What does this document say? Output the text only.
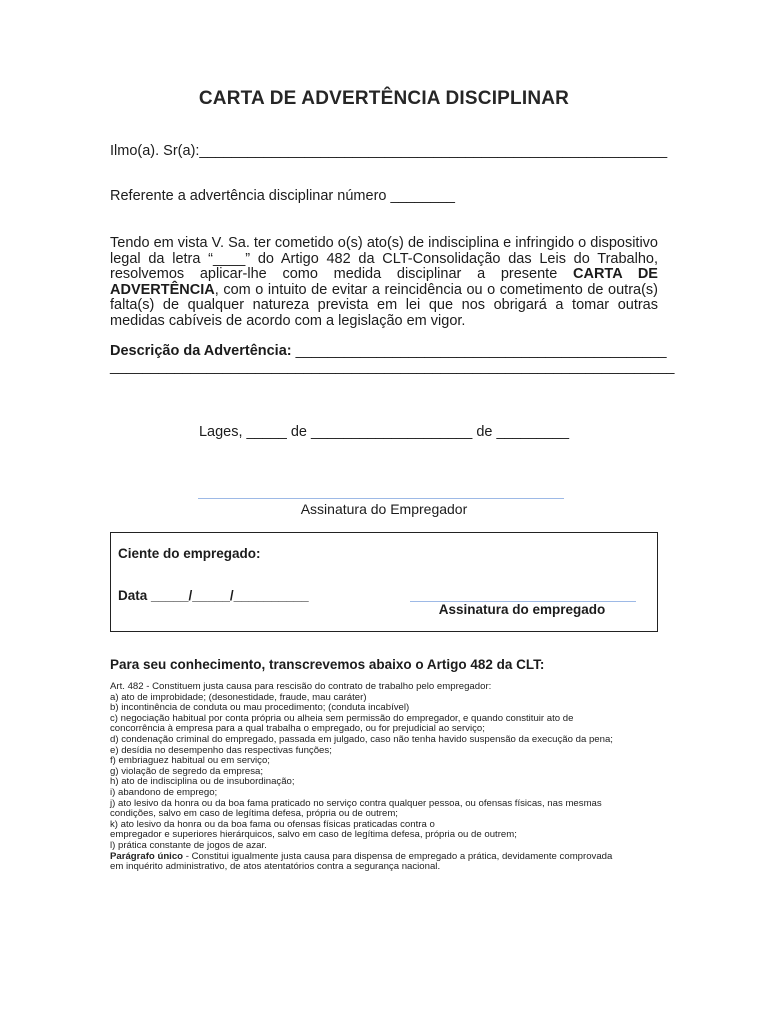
CARTA DE ADVERTÊNCIA DISCIPLINAR
Ilmo(a). Sr(a):__________________________________________________________
Referente a advertência disciplinar número ________
Tendo em vista V. Sa. ter cometido o(s) ato(s) de indisciplina e infringido o dispositivo legal da letra “____” do Artigo 482 da CLT-Consolidação das Leis do Trabalho, resolvemos aplicar-lhe como medida disciplinar a presente CARTA DE ADVERTÊNCIA, com o intuito de evitar a reincidência ou o cometimento de outra(s) falta(s) de qualquer natureza prevista em lei que nos obrigará a tomar outras medidas cabíveis de acordo com a legislação em vigor.
Descrição da Advertência: ______________________________________________
______________________________________________________________________
Lages, _____ de ____________________ de _________
Assinatura do Empregador
Ciente do empregado:
Data _____/_____/__________
Assinatura do empregado
Para seu conhecimento, transcrevemos abaixo o Artigo 482 da CLT:
Art. 482 - Constituem justa causa para rescisão do contrato de trabalho pelo empregador:
a) ato de improbidade; (desonestidade, fraude, mau caráter)
b) incontinência de conduta ou mau procedimento; (conduta incabível)
c) negociação habitual por conta própria ou alheia sem permissão do empregador, e quando constituir ato de
concorrência à empresa para a qual trabalha o empregado, ou for prejudicial ao serviço;
d) condenação criminal do empregado, passada em julgado, caso não tenha havido suspensão da execução da pena;
e) desídia no desempenho das respectivas funções;
f) embriaguez habitual ou em serviço;
g) violação de segredo da empresa;
h) ato de indisciplina ou de insubordinação;
i) abandono de emprego;
j) ato lesivo da honra ou da boa fama praticado no serviço contra qualquer pessoa, ou ofensas físicas, nas mesmas
condições, salvo em caso de legítima defesa, própria ou de outrem;
k) ato lesivo da honra ou da boa fama ou ofensas físicas praticadas contra o
empregador e superiores hierárquicos, salvo em caso de legítima defesa, própria ou de outrem;
l) prática constante de jogos de azar.
Parágrafo único - Constitui igualmente justa causa para dispensa de empregado a prática, devidamente comprovada
em inquérito administrativo, de atos atentatórios contra a segurança nacional.
